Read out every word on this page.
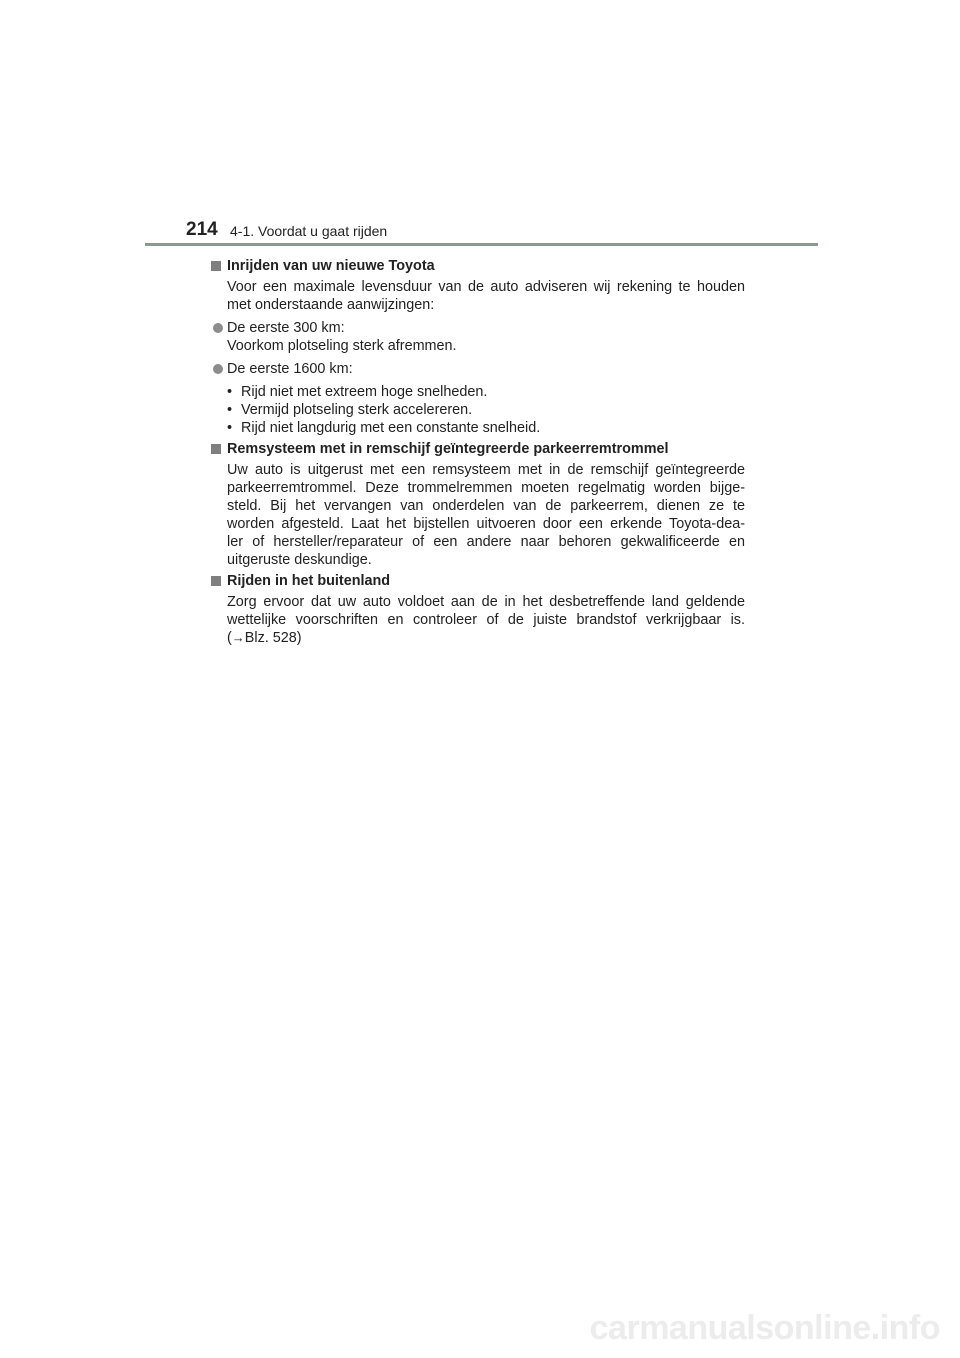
214 4-1. Voordat u gaat rijden
Inrijden van uw nieuwe Toyota
Voor een maximale levensduur van de auto adviseren wij rekening te houden
met onderstaande aanwijzingen:
De eerste 300 km:
Voorkom plotseling sterk afremmen.
De eerste 1600 km:
• Rijd niet met extreem hoge snelheden.
• Vermijd plotseling sterk accelereren.
• Rijd niet langdurig met een constante snelheid.
Remsysteem met in remschijf geïntegreerde parkeerremtrommel
Uw auto is uitgerust met een remsysteem met in de remschijf geïntegreerde
parkeerremtrommel. Deze trommelremmen moeten regelmatig worden bijge-
steld. Bij het vervangen van onderdelen van de parkeerrem, dienen ze te
worden afgesteld. Laat het bijstellen uitvoeren door een erkende Toyota-dea-
ler of hersteller/reparateur of een andere naar behoren gekwalificeerde en
uitgeruste deskundige.
Rijden in het buitenland
Zorg ervoor dat uw auto voldoet aan de in het desbetreffende land geldende
wettelijke voorschriften en controleer of de juiste brandstof verkrijgbaar is.
(→Blz. 528)
carmanualsonline.info
